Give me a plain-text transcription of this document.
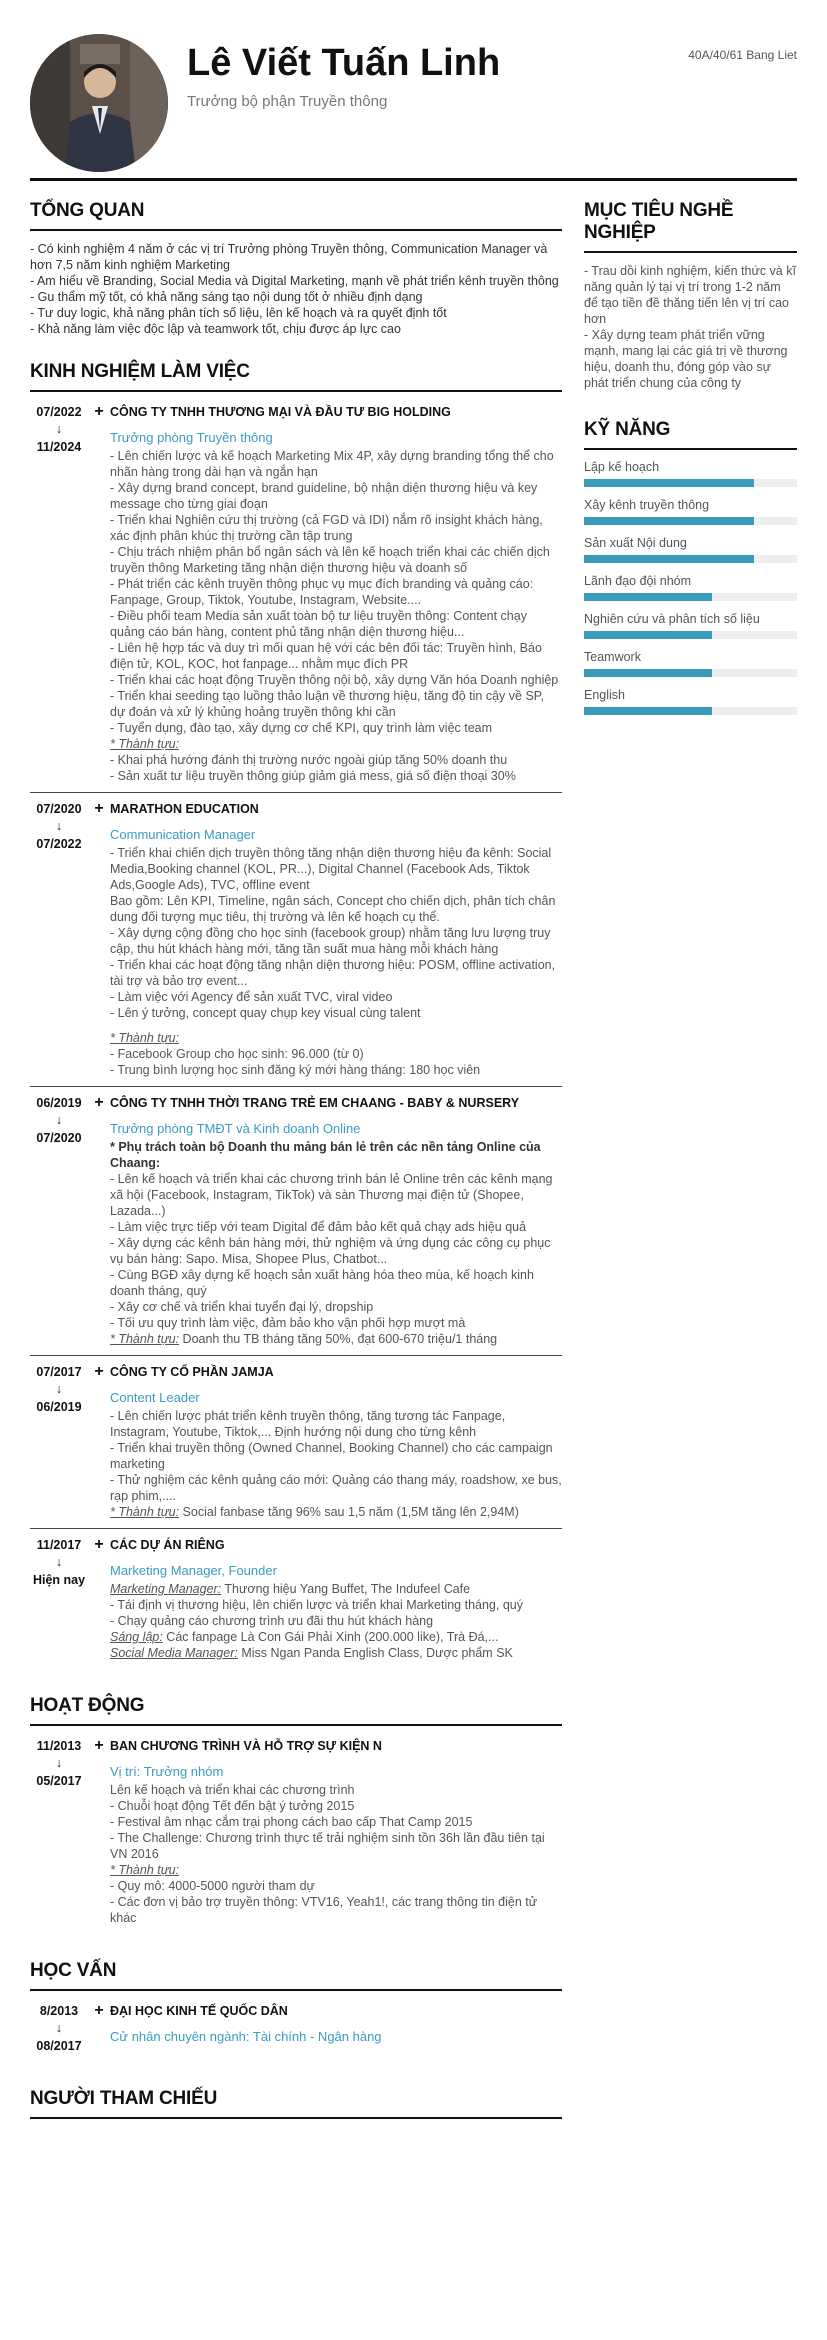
Lê Viết Tuấn Linh
Trưởng bộ phận Truyền thông
40A/40/61 Bang Liet
TỔNG QUAN
- Có kinh nghiệm 4 năm ở các vị trí Trưởng phòng Truyền thông, Communication Manager và hơn 7,5 năm kinh nghiệm Marketing
- Am hiểu về Branding, Social Media và Digital Marketing, mạnh về phát triển kênh truyền thông
- Gu thẩm mỹ tốt, có khả năng sáng tạo nội dung tốt ở nhiều định dạng
- Tư duy logic, khả năng phân tích số liệu, lên kế hoạch và ra quyết định tốt
- Khả năng làm việc độc lập và teamwork tốt, chịu được áp lực cao
KINH NGHIỆM LÀM VIỆC
07/2022
↓
11/2024
+ CÔNG TY TNHH THƯƠNG MẠI VÀ ĐẦU TƯ BIG HOLDING
Trưởng phòng Truyền thông
- Lên chiến lược và kế hoạch Marketing Mix 4P, xây dựng branding tổng thể cho nhãn hàng trong dài hạn và ngắn hạn
- Xây dựng brand concept, brand guideline, bộ nhận diện thương hiệu và key message cho từng giai đoạn
- Triển khai Nghiên cứu thị trường (cả FGD và IDI) nắm rõ insight khách hàng, xác định phân khúc thị trường cần tập trung
- Chịu trách nhiệm phân bổ ngân sách và lên kế hoạch triển khai các chiến dịch truyền thông Marketing tăng nhận diện thương hiệu và doanh số
- Phát triển các kênh truyền thông phục vụ mục đích branding và quảng cáo: Fanpage, Group, Tiktok, Youtube, Instagram, Website....
- Điều phối team Media sản xuất toàn bộ tư liệu truyền thông: Content chạy quảng cáo bán hàng, content phủ tăng nhận diện thương hiệu...
- Liên hệ hợp tác và duy trì mối quan hệ với các bên đối tác: Truyền hình, Báo điện tử, KOL, KOC, hot fanpage... nhằm mục đích PR
- Triển khai các hoạt động Truyền thông nội bộ, xây dựng Văn hóa Doanh nghiệp
- Triển khai seeding tạo luồng thảo luận về thương hiệu, tăng độ tin cậy về SP, dự đoán và xử lý khủng hoảng truyền thông khi cần
- Tuyển dụng, đào tạo, xây dựng cơ chế KPI, quy trình làm việc team
* Thành tựu:
- Khai phá hướng đánh thị trường nước ngoài giúp tăng 50% doanh thu
- Sản xuất tư liệu truyền thông giúp giảm giá mess, giá số điện thoại 30%
07/2020
↓
07/2022
+ MARATHON EDUCATION
Communication Manager
- Triển khai chiến dịch truyền thông tăng nhận diện thương hiệu đa kênh: Social Media,Booking channel (KOL, PR...), Digital Channel (Facebook Ads, Tiktok Ads,Google Ads), TVC, offline event
Bao gồm: Lên KPI, Timeline, ngân sách, Concept cho chiến dịch, phân tích chân dung đối tượng mục tiêu, thị trường và lên kế hoạch cụ thể.
- Xây dựng cộng đồng cho học sinh (facebook group) nhằm tăng lưu lượng truy cập, thu hút khách hàng mới, tăng tần suất mua hàng mỗi khách hàng
- Triển khai các hoạt động tăng nhận diện thương hiệu: POSM, offline activation, tài trợ và bảo trợ event...
- Làm việc với Agency để sản xuất TVC, viral video
- Lên ý tưởng, concept quay chụp key visual cùng talent
* Thành tựu:
- Facebook Group cho học sinh: 96.000 (từ 0)
- Trung bình lượng học sinh đăng ký mới hàng tháng: 180 học viên
06/2019
↓
07/2020
+ CÔNG TY TNHH THỜI TRANG TRẺ EM CHAANG - BABY & NURSERY
Trưởng phòng TMĐT và Kinh doanh Online
* Phụ trách toàn bộ Doanh thu mảng bán lẻ trên các nền tảng Online của Chaang:
- Lên kế hoạch và triển khai các chương trình bán lẻ Online trên các kênh mạng xã hội (Facebook, Instagram, TikTok) và sàn Thương mại điện tử (Shopee, Lazada...)
- Làm việc trực tiếp với team Digital để đảm bảo kết quả chạy ads hiệu quả
- Xây dựng các kênh bán hàng mới, thử nghiệm và ứng dụng các công cụ phục vụ bán hàng: Sapo. Misa, Shopee Plus, Chatbot...
- Cùng BGĐ xây dựng kế hoạch sản xuất hàng hóa theo mùa, kế hoạch kinh doanh tháng, quý
- Xây cơ chế và triển khai tuyển đại lý, dropship
- Tối ưu quy trình làm việc, đảm bảo kho vận phối hợp mượt mà
* Thành tựu: Doanh thu TB tháng tăng 50%, đạt 600-670 triệu/1 tháng
07/2017
↓
06/2019
+ CÔNG TY CỔ PHẦN JAMJA
Content Leader
- Lên chiến lược phát triển kênh truyền thông, tăng tương tác Fanpage, Instagram, Youtube, Tiktok,... Định hướng nội dung cho từng kênh
- Triển khai truyền thông (Owned Channel, Booking Channel) cho các campaign marketing
- Thử nghiệm các kênh quảng cáo mới: Quảng cáo thang máy, roadshow, xe bus, rạp phim,....
* Thành tựu: Social fanbase tăng 96% sau 1,5 năm (1,5M tăng lên 2,94M)
11/2017
↓
Hiện nay
+ CÁC DỰ ÁN RIÊNG
Marketing Manager, Founder
Marketing Manager: Thương hiệu Yang Buffet, The Indufeel Cafe
- Tái định vị thương hiệu, lên chiến lược và triển khai Marketing tháng, quý
- Chạy quảng cáo chương trình ưu đãi thu hút khách hàng
Sáng lập: Các fanpage Là Con Gái Phải Xinh (200.000 like), Trà Đá,...
Social Media Manager: Miss Ngan Panda English Class, Dược phẩm SK
HOẠT ĐỘNG
11/2013
↓
05/2017
+ BAN CHƯƠNG TRÌNH VÀ HỖ TRỢ SỰ KIỆN N
Vị trí: Trưởng nhóm
Lên kế hoạch và triển khai các chương trình
- Chuỗi hoạt động Tết đến bật ý tưởng 2015
- Festival âm nhạc cắm trại phong cách bao cấp That Camp 2015
- The Challenge: Chương trình thực tế trải nghiệm sinh tồn 36h lần đầu tiên tại VN 2016
* Thành tựu:
- Quy mô: 4000-5000 người tham dự
- Các đơn vị bảo trợ truyền thông: VTV16, Yeah1!, các trang thông tin điện tử khác
HỌC VẤN
8/2013
↓
08/2017
+ ĐẠI HỌC KINH TẾ QUỐC DÂN
Cử nhân chuyên ngành: Tài chính - Ngân hàng
NGƯỜI THAM CHIẾU
MỤC TIÊU NGHỀ NGHIỆP
- Trau dồi kinh nghiệm, kiến thức và kĩ năng quản lý tại vị trí trong 1-2 năm để tạo tiền đề thăng tiến lên vị trí cao hơn
- Xây dựng team phát triển vững mạnh, mang lại các giá trị về thương hiệu, doanh thu, đóng góp vào sự phát triển chung của công ty
KỸ NĂNG
Lập kế hoạch
Xây kênh truyền thông
Sản xuất Nội dung
Lãnh đạo đội nhóm
Nghiên cứu và phân tích số liệu
Teamwork
English
